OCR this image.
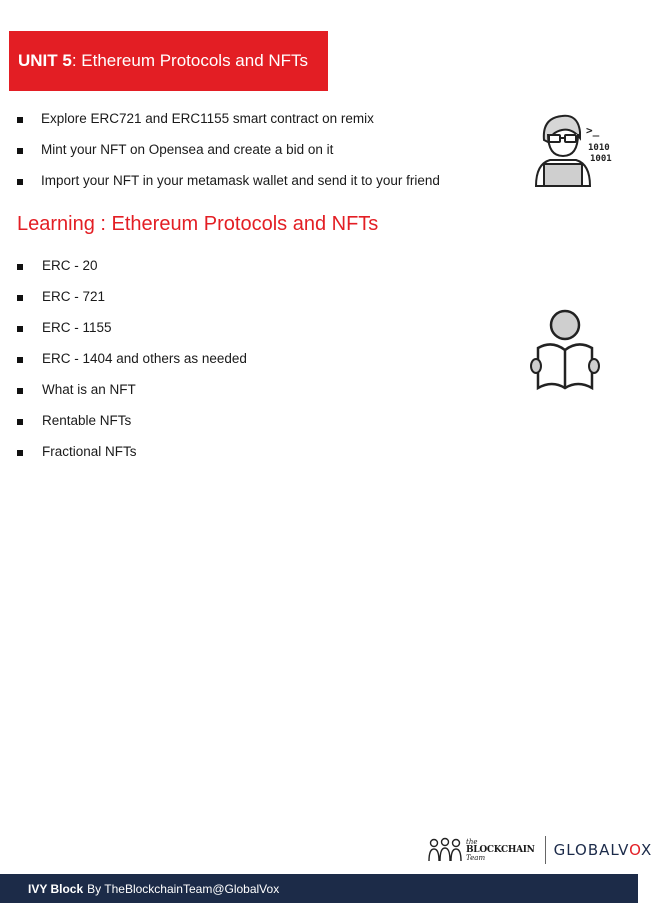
UNIT 5 : Ethereum Protocols and NFTs
Explore ERC721 and ERC1155 smart contract on remix
Mint your NFT on Opensea and create a bid on it
Import your NFT in your metamask wallet and send it to your friend
>_
1010
1001
Learning : Ethereum Protocols and NFTs
ERC - 20
ERC - 721
ERC - 1155
ERC - 1404 and others as needed
What is an NFT
Rentable NFTs
Fractional NFTs
the
BLOCKCHAIN
Team	GLOBALVOX
IVY Block By TheBlockchainTeam@GlobalVox
